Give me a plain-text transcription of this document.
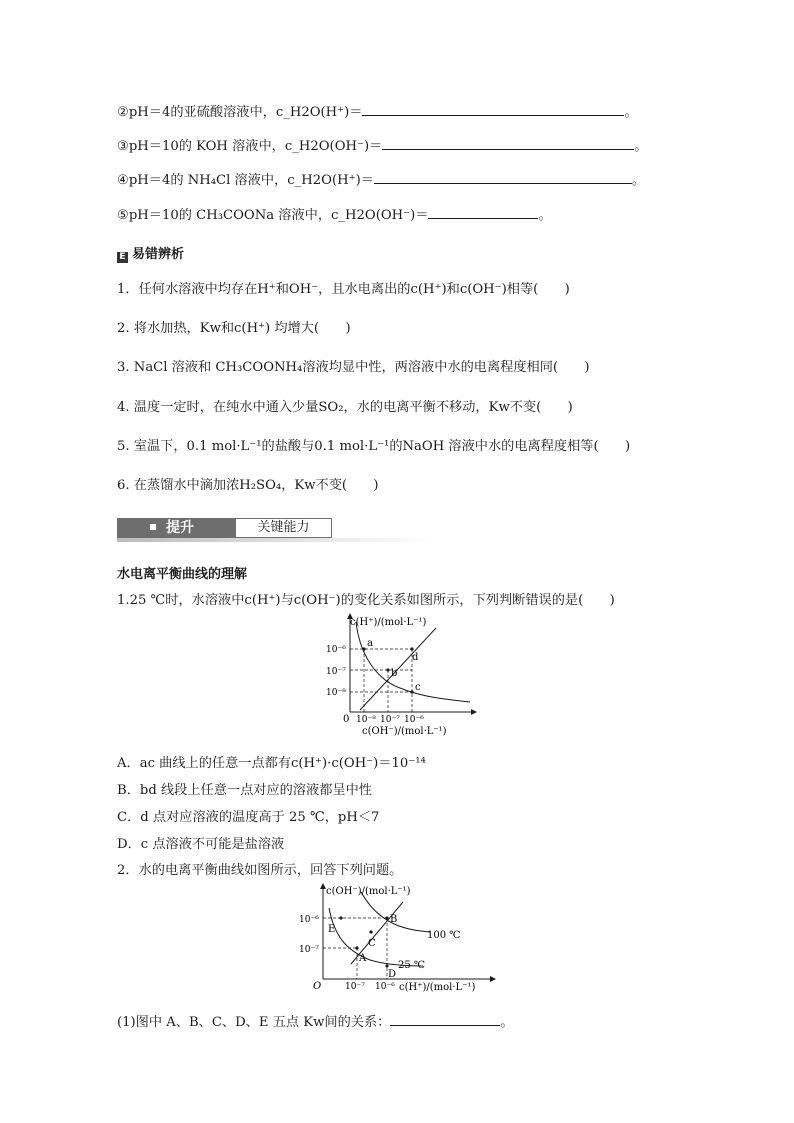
②pH＝4的亚硫酸溶液中，c_H2O(H⁺)＝	。
③pH＝10的 KOH 溶液中，c_H2O(OH⁻)＝	。
④pH＝4的 NH₄Cl 溶液中，c_H2O(H⁺)＝	。
⑤pH＝10的 CH₃COONa 溶液中，c_H2O(OH⁻)＝	。
E 易错辨析
1．任何水溶液中均存在H⁺和OH⁻，且水电离出的c(H⁺)和c(OH⁻)相等(　　)
2. 将水加热，Kw和c(H⁺) 均增大(　　)
3. NaCl 溶液和 CH₃COONH₄溶液均显中性，两溶液中水的电离程度相同(　　)
4. 温度一定时，在纯水中通入少量SO₂，水的电离平衡不移动，Kw不变(　　)
5. 室温下，0.1 mol·L⁻¹的盐酸与0.1 mol·L⁻¹的NaOH 溶液中水的电离程度相等(　　)
6. 在蒸馏水中滴加浓H₂SO₄，Kw不变(　　)
提升	关键能力
水电离平衡曲线的理解
1.25 ℃时，水溶液中c(H⁺)与c(OH⁻)的变化关系如图所示，下列判断错误的是(　　)
c(H⁺)/(mol·L⁻¹)
c(OH⁻)/(mol·L⁻¹)
0
10⁻⁶
10⁻⁷
10⁻⁸
10⁻⁸ 10⁻⁷ 10⁻⁶
a
b
c
d
A．ac 曲线上的任意一点都有c(H⁺)·c(OH⁻)＝10⁻¹⁴
B．bd 线段上任意一点对应的溶液都呈中性
C．d 点对应溶液的温度高于 25 ℃，pH＜7
D．c 点溶液不可能是盐溶液
2．水的电离平衡曲线如图所示，回答下列问题。
c(OH⁻)/(mol·L⁻¹)
c(H⁺)/(mol·L⁻¹)
O
10⁻⁶
10⁻⁷
10⁻⁷ 10⁻⁶
A
B
C
D
E
100 ℃
25 ℃
(1)图中 A、B、C、D、E 五点 Kw间的关系：	。
